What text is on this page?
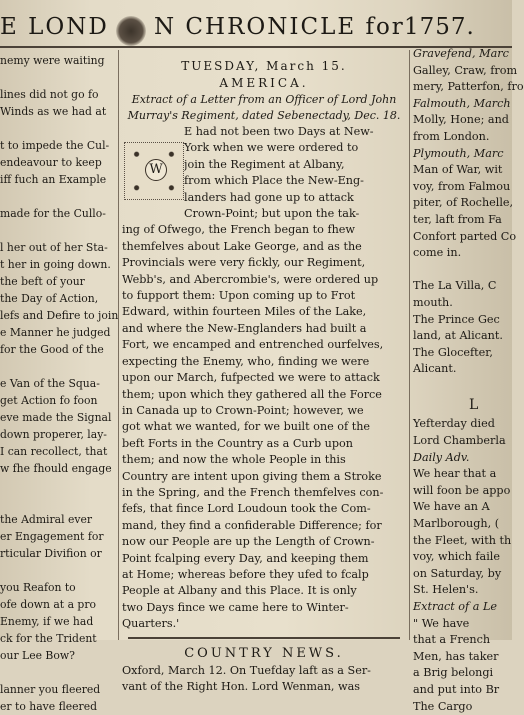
E LOND N CHRONICLE for 1757.
nemy were waiting

lines did not go fo
Winds as we had at

t to impede the Cul-
endeavour to keep
iff fuch an Example

made for the Cullo-

l her out of her Sta-
t her in going down.
the beft of your
the Day of Action,
lefs and Defire to join
e Manner he judged
for the Good of the

e Van of the Squa-
get Action fo foon
eve made the Signal
down properer, lay-
I can recollect, that
w fhe fhould engage

the Admiral ever
er Engagement for
rticular Divifion or

you Reafon to
ofe down at a pro
Enemy, if we had
ck for the Trident
our Lee Bow?

lanner you fleered
er to have fleered
TUESDAY, March 15.
AMERICA.
Extract of a Letter from an Officer of Lord John
Murray's Regiment, dated Sebenectady, Dec. 18.
W
E had not been two Days at New-
York when we were ordered to
join the Regiment at Albany,
from which Place the New-Eng-
landers had gone up to attack
Crown-Point; but upon the tak-
ing of Ofwego, the French began to fhew
themfelves about Lake George, and as the
Provincials were very fickly, our Regiment,
Webb's, and Abercrombie's, were ordered up
to fupport them: Upon coming up to Frot
Edward, within fourteen Miles of the Lake,
and where the New-Englanders had built a
Fort, we encamped and entrenched ourfelves,
expecting the Enemy, who, finding we were
upon our March, fufpected we were to attack
them; upon which they gathered all the Force
in Canada up to Crown-Point; however, we
got what we wanted, for we built one of the
beft Forts in the Country as a Curb upon
them; and now the whole People in this
Country are intent upon giving them a Stroke
in the Spring, and the French themfelves con-
fefs, that fince Lord Loudoun took the Com-
mand, they find a confiderable Difference; for
now our People are up the Length of Crown-
Point fcalping every Day, and keeping them
at Home; whereas before they ufed to fcalp
People at Albany and this Place. It is only
two Days fince we came here to Winter-
Quarters.'
COUNTRY NEWS.
Oxford, March 12. On Tuefday laft as a Ser-
vant of the Right Hon. Lord Wenman, was
Gravefend, Marc
Galley, Craw, from
mery, Patterfon, fro
Falmouth, March
Molly, Hone; and
from London.
Plymouth, Marc
Man of War, wit
voy, from Falmou
piter, of Rochelle,
ter, laft from Fa
Confort parted Co
come in.

The La Villa, C
mouth.
The Prince Gec
land, at Alicant.
The Glocefter,
Alicant.

L
Yefterday died
Lord Chamberla
Daily Adv.
We hear that a
will foon be appo
We have an A
Marlborough, (
the Fleet, with th
voy, which faile
on Saturday, by
St. Helen's.
Extract of a Le
" We have
that a French
Men, has taker
a Brig belongi
and put into Br
The Cargo
